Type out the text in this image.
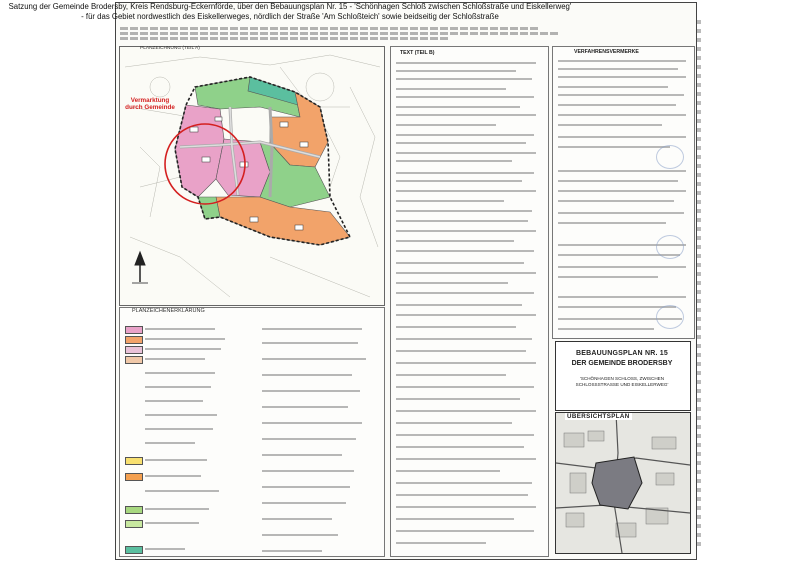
Satzung der Gemeinde Brodersby, Kreis Rendsburg-Eckernförde, über den Bebauungsplan Nr. 15 - 'Schönhagen Schloß zwischen Schloßstraße und Eiskellerweg'
- für das Gebiet nordwestlich des Eiskellerweges, nördlich der Straße 'Am Schloßteich' sowie beidseitig der Schloßstraße
PLANZEICHNUNG (TEIL A)
Vermarktung durch Gemeinde
PLANZEICHENERKLÄRUNG
TEXT (TEIL B)	VERFAHRENSVERMERKE
BEBAUUNGSPLAN NR. 15
DER GEMEINDE BRODERSBY
'SCHÖNHAGEN SCHLOSS, ZWISCHEN
SCHLOSSSTRASSE UND EISKELLERWEG'
ÜBERSICHTSPLAN
